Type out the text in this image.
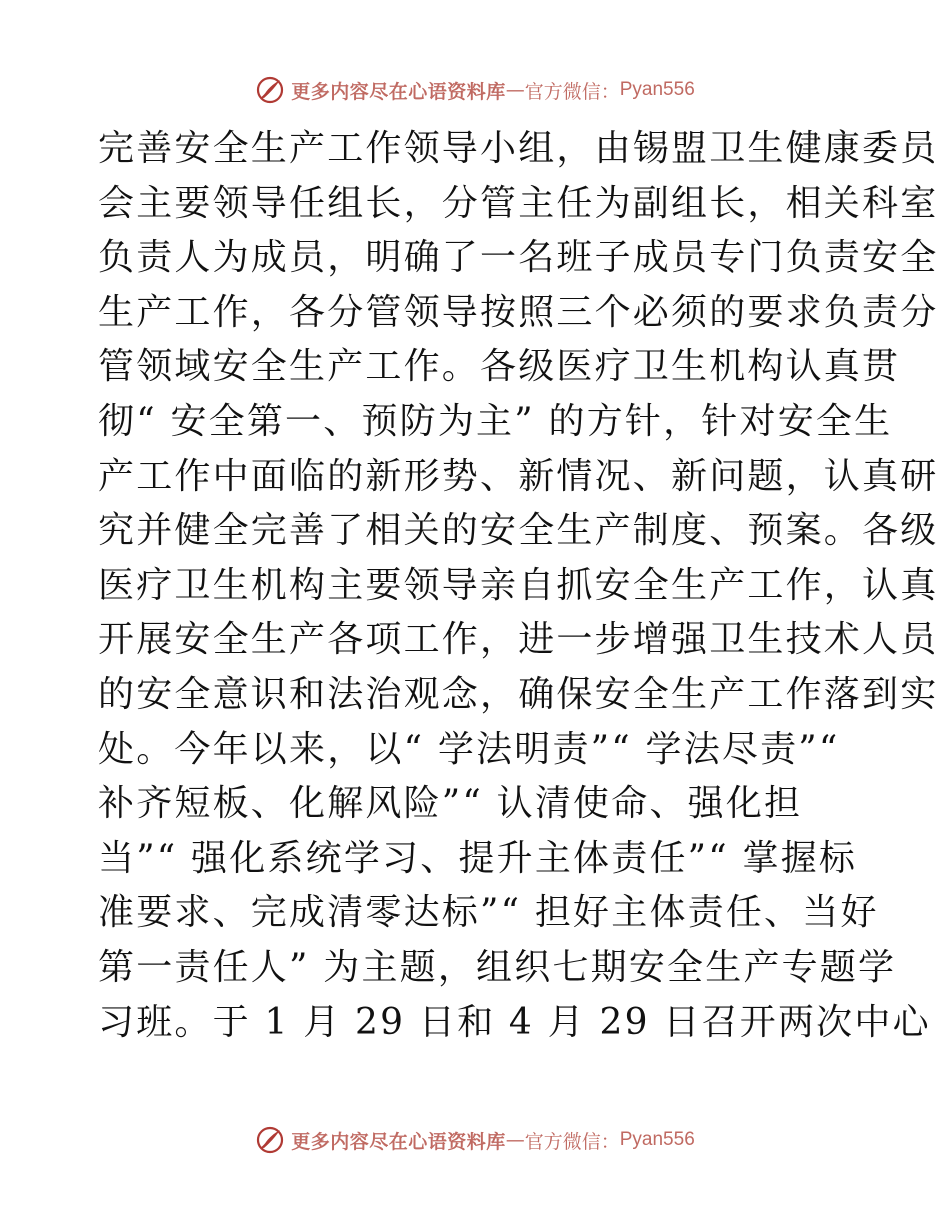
更多内容尽在心语资料库 — 官方微信： Pyan556
完善安全生产工作领导小组，由锡盟卫生健康委员
会主要领导任组长，分管主任为副组长，相关科室
负责人为成员，明确了一名班子成员专门负责安全
生产工作，各分管领导按照三个必须的要求负责分
管领域安全生产工作。各级医疗卫生机构认真贯
彻“ 安全第一、预防为主” 的方针，针对安全生
产工作中面临的新形势、新情况、新问题，认真研
究并健全完善了相关的安全生产制度、预案。各级
医疗卫生机构主要领导亲自抓安全生产工作，认真
开展安全生产各项工作，进一步增强卫生技术人员
的安全意识和法治观念，确保安全生产工作落到实
处。今年以来，以“ 学法明责”“ 学法尽责”“
补齐短板、化解风险”“ 认清使命、强化担
当”“ 强化系统学习、提升主体责任”“ 掌握标
准要求、完成清零达标”“ 担好主体责任、当好
第一责任人” 为主题，组织七期安全生产专题学
习班。于 1 月 29 日和 4 月 29 日召开两次中心
更多内容尽在心语资料库 — 官方微信： Pyan556
